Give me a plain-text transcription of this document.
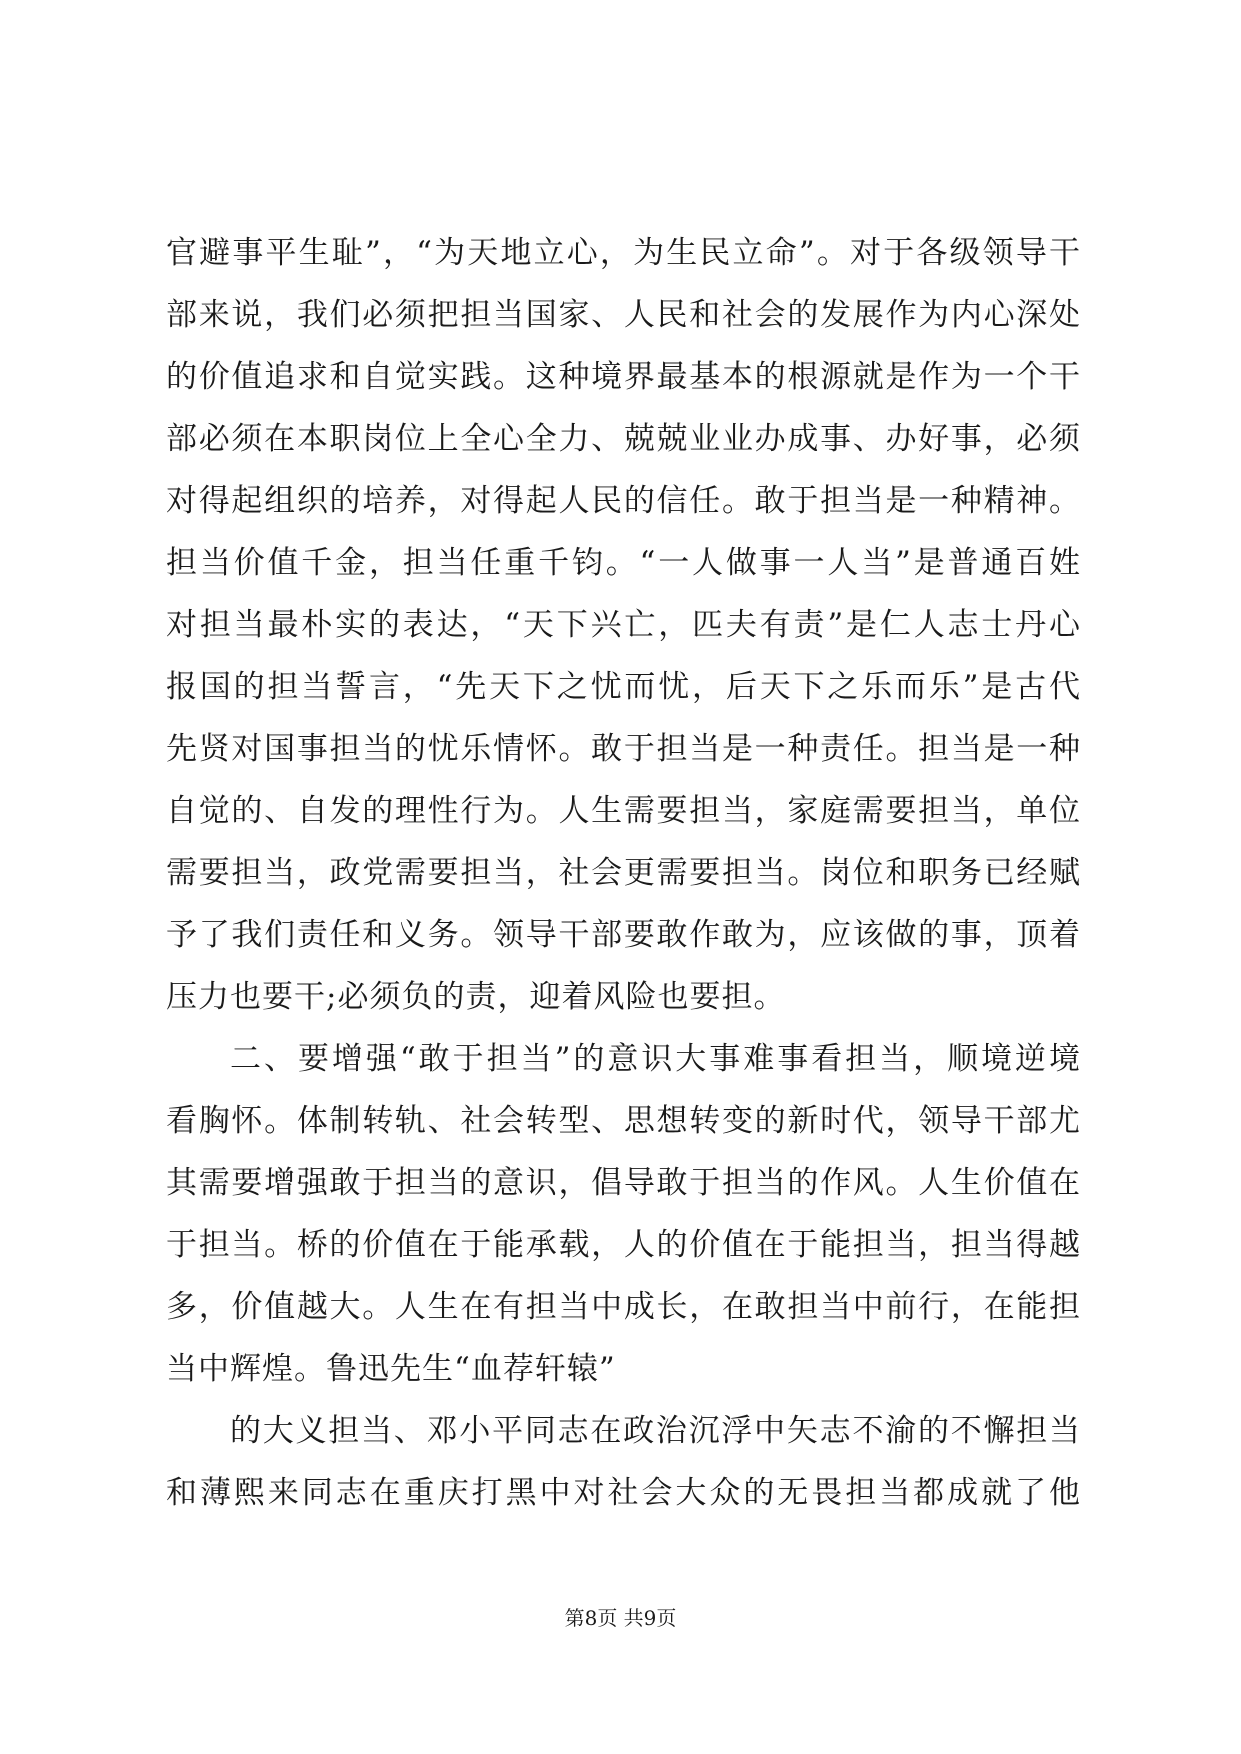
官避事平生耻”，“为天地立心，为生民立命”。对于各级领导干
部来说，我们必须把担当国家、人民和社会的发展作为内心深处
的价值追求和自觉实践。这种境界最基本的根源就是作为一个干
部必须在本职岗位上全心全力、兢兢业业办成事、办好事，必须
对得起组织的培养，对得起人民的信任。敢于担当是一种精神。
担当价值千金，担当任重千钧。“一人做事一人当”是普通百姓
对担当最朴实的表达，“天下兴亡，匹夫有责”是仁人志士丹心
报国的担当誓言，“先天下之忧而忧，后天下之乐而乐”是古代
先贤对国事担当的忧乐情怀。敢于担当是一种责任。担当是一种
自觉的、自发的理性行为。人生需要担当，家庭需要担当，单位
需要担当，政党需要担当，社会更需要担当。岗位和职务已经赋
予了我们责任和义务。领导干部要敢作敢为，应该做的事，顶着
压力也要干;必须负的责，迎着风险也要担。
二、要增强“敢于担当”的意识大事难事看担当，顺境逆境
看胸怀。体制转轨、社会转型、思想转变的新时代，领导干部尤
其需要增强敢于担当的意识，倡导敢于担当的作风。人生价值在
于担当。桥的价值在于能承载，人的价值在于能担当，担当得越
多，价值越大。人生在有担当中成长，在敢担当中前行，在能担
当中辉煌。鲁迅先生“血荐轩辕”
的大义担当、邓小平同志在政治沉浮中矢志不渝的不懈担当
和薄熙来同志在重庆打黑中对社会大众的无畏担当都成就了他
第8页 共9页
